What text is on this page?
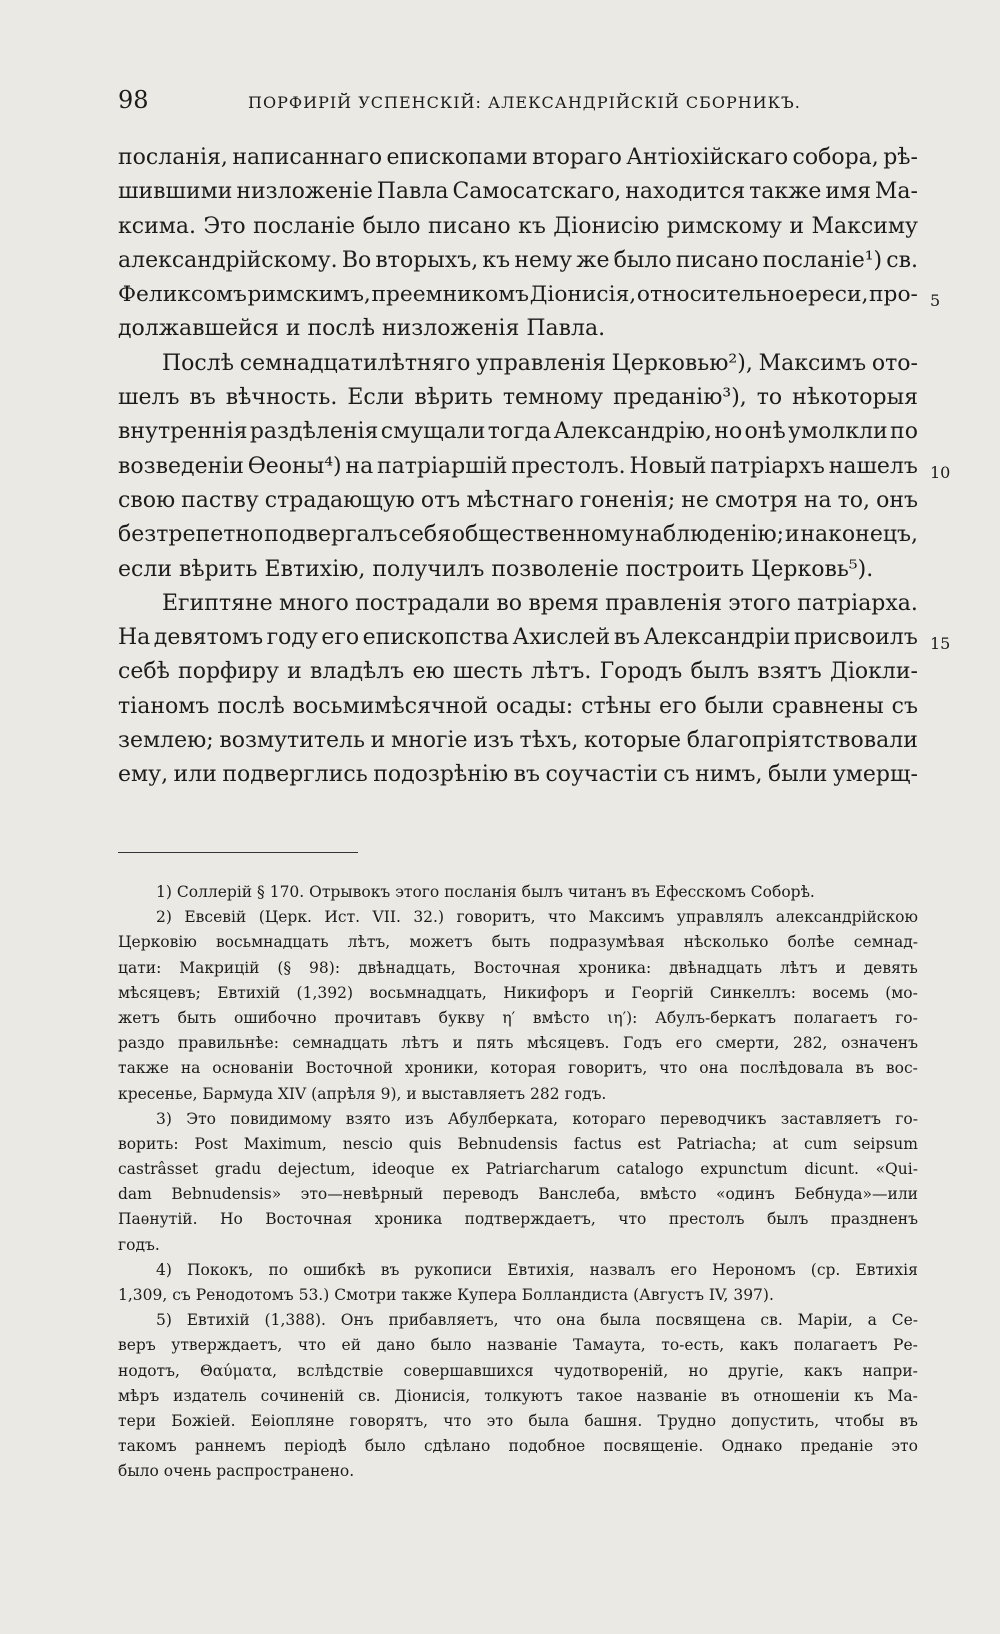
98	ПОРФИРІЙ УСПЕНСКІЙ: АЛЕКСАНДРІЙСКІЙ СБОРНИКЪ.
посланія, написаннаго епископами втораго Антіохійскаго собора, рѣ-
шившими низложеніе Павла Самосатскаго, находится также имя Ма-
ксима. Это посланіе было писано къ Діонисію римскому и Максиму
александрійскому. Во вторыхъ, къ нему же было писано посланіе¹) св.
Феликсомъ римскимъ, преемникомъ Діонисія, относительно ереси, про-
должавшейся и послѣ низложенія Павла.
Послѣ семнадцатилѣтняго управленія Церковью²), Максимъ ото-
шелъ въ вѣчность. Если вѣрить темному преданію³), то нѣкоторыя
внутреннія раздѣленія смущали тогда Александрію, но онѣ умолкли по
возведеніи Ѳеоны⁴) на патріаршій престолъ. Новый патріархъ нашелъ
свою паству страдающую отъ мѣстнаго гоненія; не смотря на то, онъ
безтрепетно подвергалъ себя общественному наблюденію; и наконецъ,
если вѣрить Евтихію, получилъ позволеніе построить Церковь⁵).
Египтяне много пострадали во время правленія этого патріарха.
На девятомъ году его епископства Ахислей въ Александріи присвоилъ
себѣ порфиру и владѣлъ ею шесть лѣтъ. Городъ былъ взятъ Діокли-
тіаномъ послѣ восьмимѣсячной осады: стѣны его были сравнены съ
землею; возмутитель и многіе изъ тѣхъ, которые благопріятствовали
ему, или подверглись подозрѣнію въ соучастіи съ нимъ, были умерщ-
5
10
15
1) Соллерій § 170. Отрывокъ этого посланія былъ читанъ въ Ефесскомъ Соборѣ.
2) Евсевій (Церк. Ист. VII. 32.) говоритъ, что Максимъ управлялъ александрійскою
Церковію восьмнадцать лѣтъ, можетъ быть подразумѣвая нѣсколько болѣе семнад-
цати: Макрицій (§ 98): двѣнадцать, Восточная хроника: двѣнадцать лѣтъ и девять
мѣсяцевъ; Евтихій (1,392) восьмнадцать, Никифоръ и Георгій Синкеллъ: восемь (мо-
жетъ быть ошибочно прочитавъ букву η′ вмѣсто ιη′): Абулъ-беркатъ полагаетъ го-
раздо правильнѣе: семнадцать лѣтъ и пять мѣсяцевъ. Годъ его смерти, 282, означенъ
также на основаніи Восточной хроники, которая говоритъ, что она послѣдовала въ вос-
кресенье, Бармуда XIV (апрѣля 9), и выставляетъ 282 годъ.
3) Это повидимому взято изъ Абулберката, котораго переводчикъ заставляетъ го-
ворить: Post Maximum, nescio quis Bebnudensis factus est Patriacha; at cum seipsum
castrâsset gradu dejectum, ideoque ex Patriarcharum catalogo expunctum dicunt. «Qui-
dam Bebnudensis» это—невѣрный переводъ Ванслеба, вмѣсто «одинъ Бебнуда»—или
Паѳнутій. Но Восточная хроника подтверждаетъ, что престолъ былъ праздненъ
годъ.
4) Пококъ, по ошибкѣ въ рукописи Евтихія, назвалъ его Нерономъ (ср. Евтихія
1,309, съ Ренодотомъ 53.) Смотри также Купера Болландиста (Августъ IV, 397).
5) Евтихій (1,388). Онъ прибавляетъ, что она была посвящена св. Маріи, а Се-
веръ утверждаетъ, что ей дано было названіе Тамаута, то-есть, какъ полагаетъ Ре-
нодотъ, Θαύματα, вслѣдствіе совершавшихся чудотвореній, но другіе, какъ напри-
мѣръ издатель сочиненій св. Діонисія, толкуютъ такое названіе въ отношеніи къ Ма-
тери Божіей. Еѳіопляне говорятъ, что это была башня. Трудно допустить, чтобы въ
такомъ раннемъ періодѣ было сдѣлано подобное посвященіе. Однако преданіе это
было очень распространено.
